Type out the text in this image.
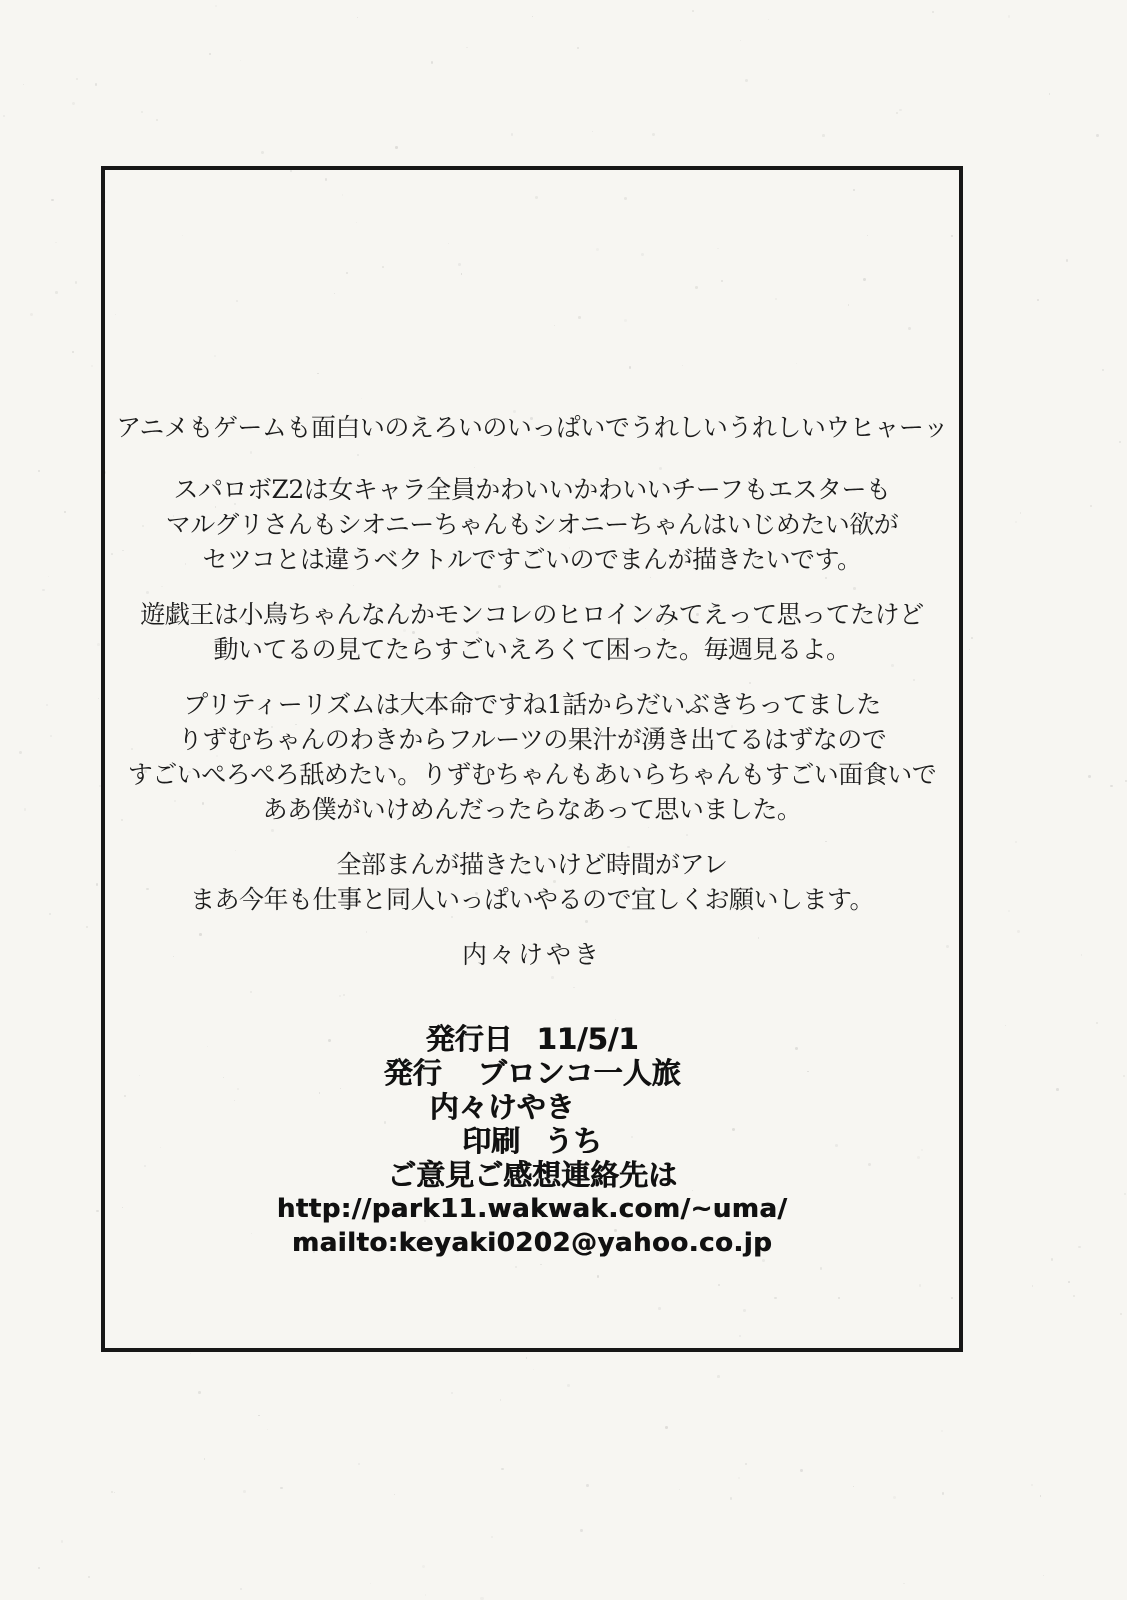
アニメもゲームも面白いのえろいのいっぱいでうれしいうれしいウヒャーッ

スパロボZ2は女キャラ全員かわいいかわいいチーフもエスターも
マルグリさんもシオニーちゃんもシオニーちゃんはいじめたい欲が
セツコとは違うベクトルですごいのでまんが描きたいです。

遊戯王は小鳥ちゃんなんかモンコレのヒロインみてえって思ってたけど
動いてるの見てたらすごいえろくて困った。毎週見るよ。

プリティーリズムは大本命ですね1話からだいぶきちってました
りずむちゃんのわきからフルーツの果汁が湧き出てるはずなので
すごいぺろぺろ舐めたい。りずむちゃんもあいらちゃんもすごい面食いで
ああ僕がいけめんだったらなあって思いました。

全部まんが描きたいけど時間がアレ
まあ今年も仕事と同人いっぱいやるので宜しくお願いします。

内々けやき
発行日 11/5/1
発行 ブロンコ一人旅
内々けやき
印刷 うち
ご意見ご感想連絡先は
http://park11.wakwak.com/~uma/
mailto:keyaki0202@yahoo.co.jp
